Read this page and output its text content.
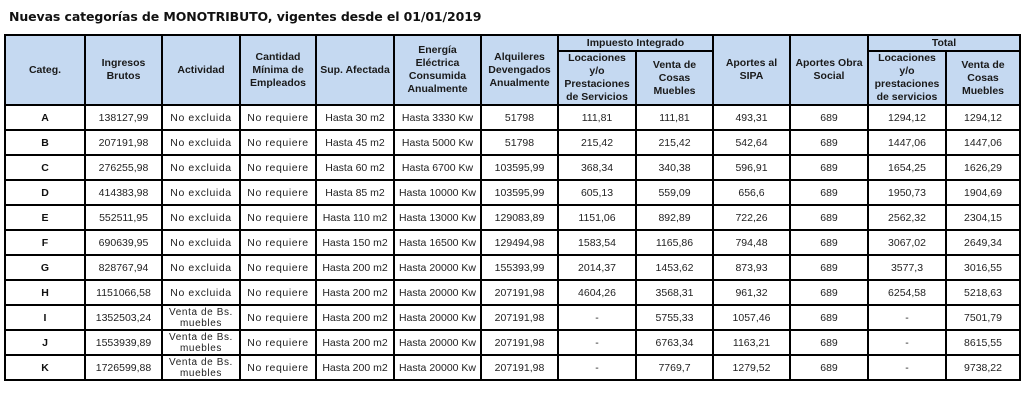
Nuevas categorías de MONOTRIBUTO, vigentes desde el 01/01/2019
Categ.	Ingresos Brutos	Actividad	Cantidad Mínima de Empleados	Sup. Afectada	Energía Eléctrica Consumida Anualmente	Alquileres Devengados Anualmente	Impuesto Integrado		Aportes al SIPA	Aportes Obra Social	Total	
							Locaciones y/o Prestaciones de Servicios	Venta de Cosas Muebles			Locaciones y/o prestaciones de servicios	Venta de Cosas Muebles
A	138127,99	No excluida	No requiere	Hasta 30 m2	Hasta 3330 Kw	51798	111,81	111,81	493,31	689	1294,12	1294,12
B	207191,98	No excluida	No requiere	Hasta 45 m2	Hasta 5000 Kw	51798	215,42	215,42	542,64	689	1447,06	1447,06
C	276255,98	No excluida	No requiere	Hasta 60 m2	Hasta 6700 Kw	103595,99	368,34	340,38	596,91	689	1654,25	1626,29
D	414383,98	No excluida	No requiere	Hasta 85 m2	Hasta 10000 Kw	103595,99	605,13	559,09	656,6	689	1950,73	1904,69
E	552511,95	No excluida	No requiere	Hasta 110 m2	Hasta 13000 Kw	129083,89	1151,06	892,89	722,26	689	2562,32	2304,15
F	690639,95	No excluida	No requiere	Hasta 150 m2	Hasta 16500 Kw	129494,98	1583,54	1165,86	794,48	689	3067,02	2649,34
G	828767,94	No excluida	No requiere	Hasta 200 m2	Hasta 20000 Kw	155393,99	2014,37	1453,62	873,93	689	3577,3	3016,55
H	1151066,58	No excluida	No requiere	Hasta 200 m2	Hasta 20000 Kw	207191,98	4604,26	3568,31	961,32	689	6254,58	5218,63
I	1352503,24	Venta de Bs. muebles	No requiere	Hasta 200 m2	Hasta 20000 Kw	207191,98	-	5755,33	1057,46	689	-	7501,79
J	1553939,89	Venta de Bs. muebles	No requiere	Hasta 200 m2	Hasta 20000 Kw	207191,98	-	6763,34	1163,21	689	-	8615,55
K	1726599,88	Venta de Bs. muebles	No requiere	Hasta 200 m2	Hasta 20000 Kw	207191,98	-	7769,7	1279,52	689	-	9738,22
